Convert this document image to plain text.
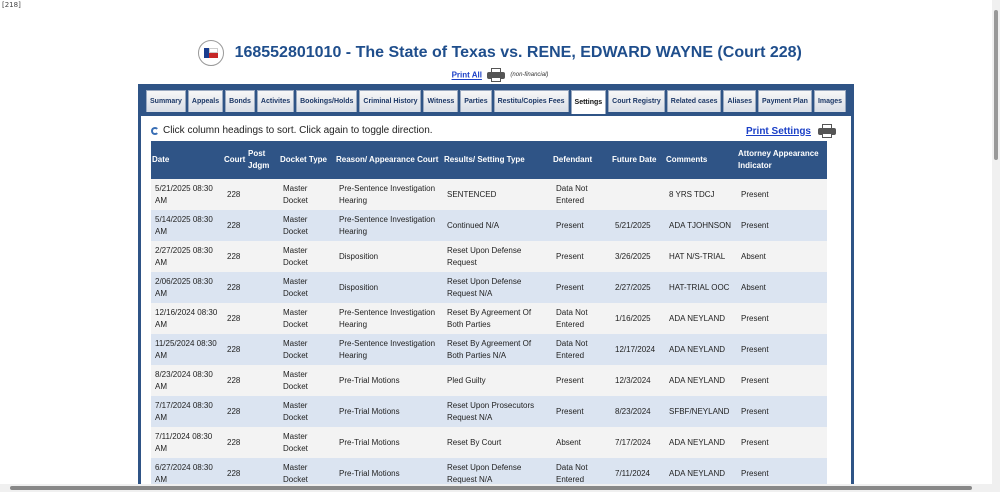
[218]
168552801010 - The State of Texas vs. RENE, EDWARD WAYNE (Court 228)
Print All	(non-financial)
Summary	Appeals	Bonds	Activites	Bookings/Holds	Criminal History	Witness	Parties	Restitu/Copies Fees	Settings	Court Registry	Related cases	Aliases	Payment Plan	Images
Click column headings to sort. Click again to toggle direction.	Print Settings
Date	Court	Post Jdgm	Docket Type	Reason/ Appearance Court	Results/ Setting Type	Defendant	Future Date	Comments	Attorney Appearance Indicator
5/21/2025 08:30 AM	228		Master Docket	Pre-Sentence Investigation Hearing	SENTENCED	Data Not Entered		8 YRS TDCJ	Present
5/14/2025 08:30 AM	228		Master Docket	Pre-Sentence Investigation Hearing	Continued N/A	Present	5/21/2025	ADA TJOHNSON	Present
2/27/2025 08:30 AM	228		Master Docket	Disposition	Reset Upon Defense Request	Present	3/26/2025	HAT N/S-TRIAL	Absent
2/06/2025 08:30 AM	228		Master Docket	Disposition	Reset Upon Defense Request N/A	Present	2/27/2025	HAT-TRIAL OOC	Absent
12/16/2024 08:30 AM	228		Master Docket	Pre-Sentence Investigation Hearing	Reset By Agreement Of Both Parties	Data Not Entered	1/16/2025	ADA NEYLAND	Present
11/25/2024 08:30 AM	228		Master Docket	Pre-Sentence Investigation Hearing	Reset By Agreement Of Both Parties N/A	Data Not Entered	12/17/2024	ADA NEYLAND	Present
8/23/2024 08:30 AM	228		Master Docket	Pre-Trial Motions	Pled Guilty	Present	12/3/2024	ADA NEYLAND	Present
7/17/2024 08:30 AM	228		Master Docket	Pre-Trial Motions	Reset Upon Prosecutors Request N/A	Present	8/23/2024	SFBF/NEYLAND	Present
7/11/2024 08:30 AM	228		Master Docket	Pre-Trial Motions	Reset By Court	Absent	7/17/2024	ADA NEYLAND	Present
6/27/2024 08:30 AM	228		Master Docket	Pre-Trial Motions	Reset Upon Defense Request N/A	Data Not Entered	7/11/2024	ADA NEYLAND	Present
